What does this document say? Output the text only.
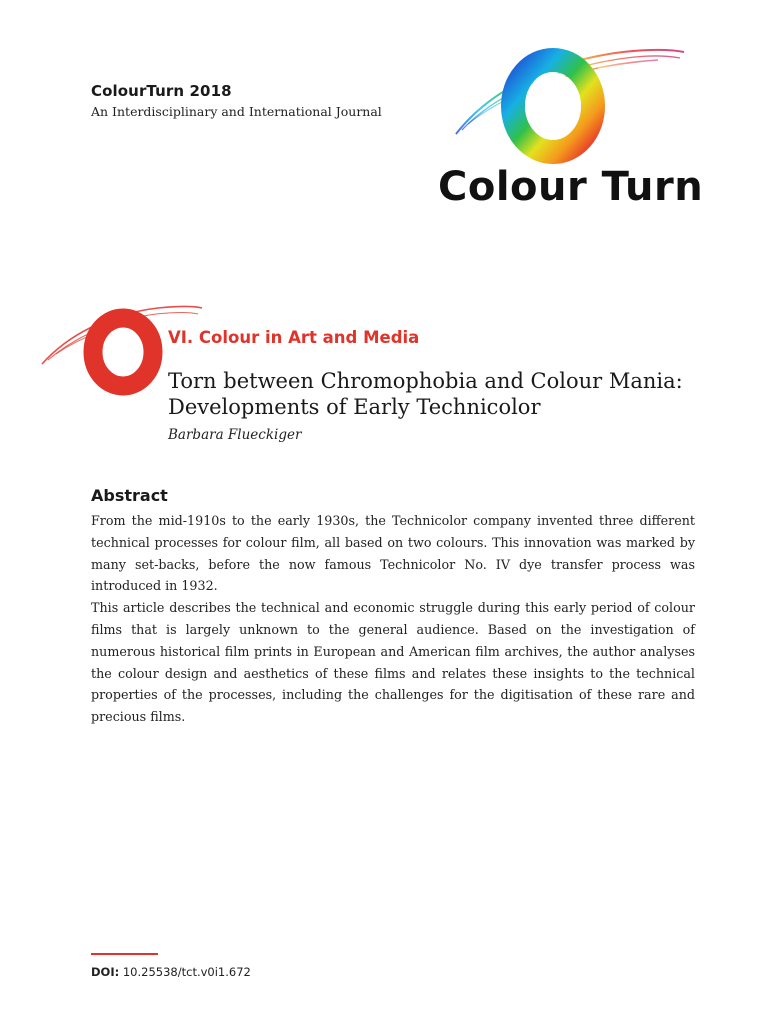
ColourTurn 2018
An Interdisciplinary and International Journal
Colour Turn
VI. Colour in Art and Media
Torn between Chromophobia and Colour Mania:
Developments of Early Technicolor
Barbara Flueckiger
Abstract

From the mid-1910s to the early 1930s, the Technicolor company invented three different technical processes for colour film, all based on two colours. This innovation was marked by many set-backs, before the now famous Technicolor No. IV dye transfer process was introduced in 1932.

This article describes the technical and economic struggle during this early period of colour films that is largely unknown to the general audience. Based on the investigation of numerous historical film prints in European and American film archives, the author analyses the colour design and aesthetics of these films and relates these insights to the technical properties of the processes, including the challenges for the digitisation of these rare and precious films.

DOI: 10.25538/tct.v0i1.672
